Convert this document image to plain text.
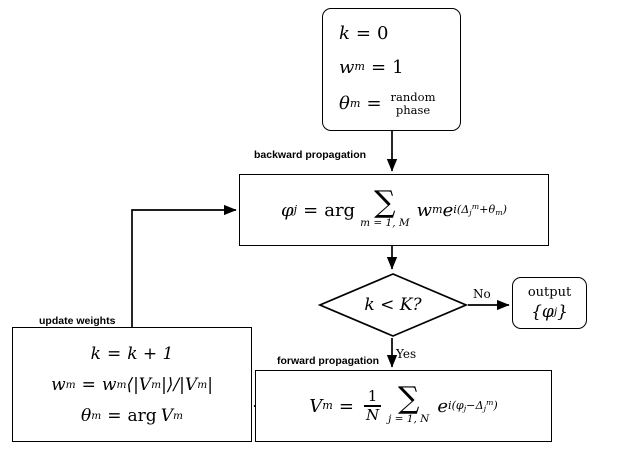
k = 0
w m = 1
θ m = random
phase
φ j = arg ∑
m = 1, M
w m e $i(\Delta_j^m+\theta_m)$
k < K?
output
{φ j }
V $m = \frac{1}{N}$ ∑
j = 1, N
e $i(\varphi_j-\Delta_j^m)$
k = k + 1
w m = w m ⟨|V m |⟩ /|V m |
θ m = arg V m
backward propagation
forward propagation
update weights
No
Yes
